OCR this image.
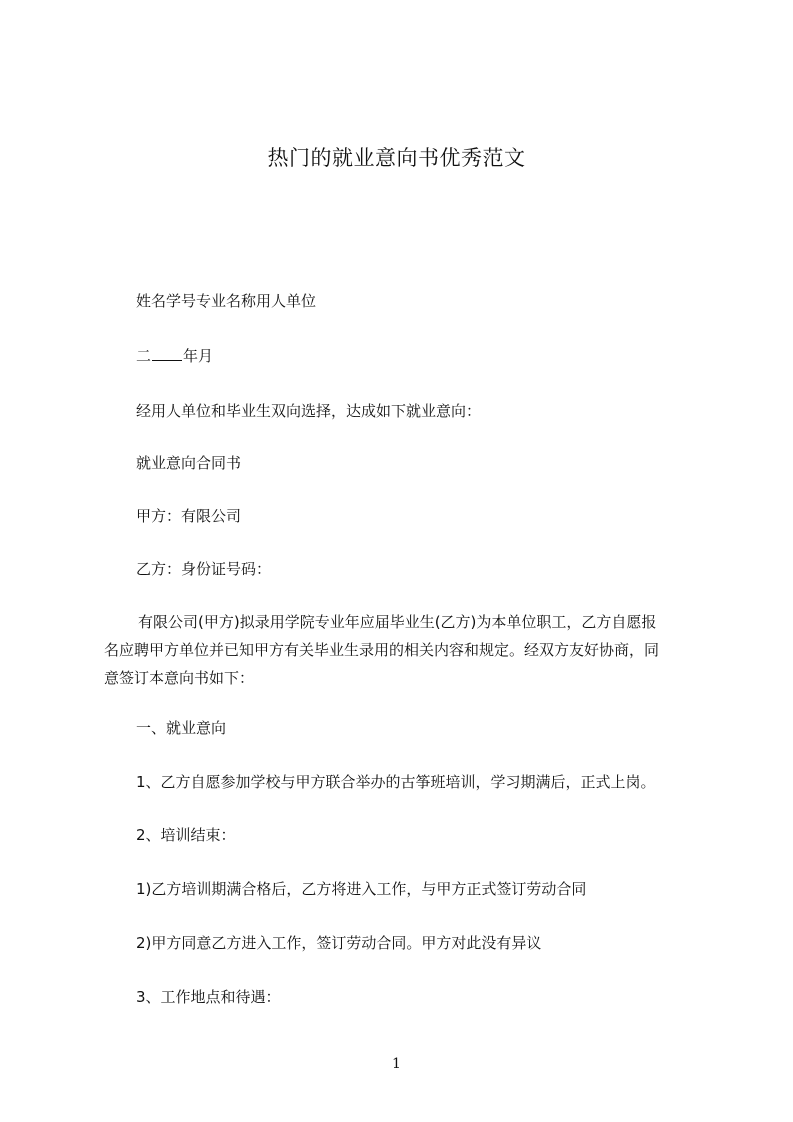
热门的就业意向书优秀范文
姓名学号专业名称用人单位
二 年月
经用人单位和毕业生双向选择，达成如下就业意向：
就业意向合同书
甲方：有限公司
乙方：身份证号码：
有限公司(甲方)拟录用学院专业年应届毕业生(乙方)为本单位职工，乙方自愿报
名应聘甲方单位并已知甲方有关毕业生录用的相关内容和规定。经双方友好协商，同
意签订本意向书如下：
一、就业意向
1、乙方自愿参加学校与甲方联合举办的古筝班培训，学习期满后，正式上岗。
2、培训结束：
1)乙方培训期满合格后，乙方将进入工作，与甲方正式签订劳动合同
2)甲方同意乙方进入工作，签订劳动合同。甲方对此没有异议
3、工作地点和待遇：
1
